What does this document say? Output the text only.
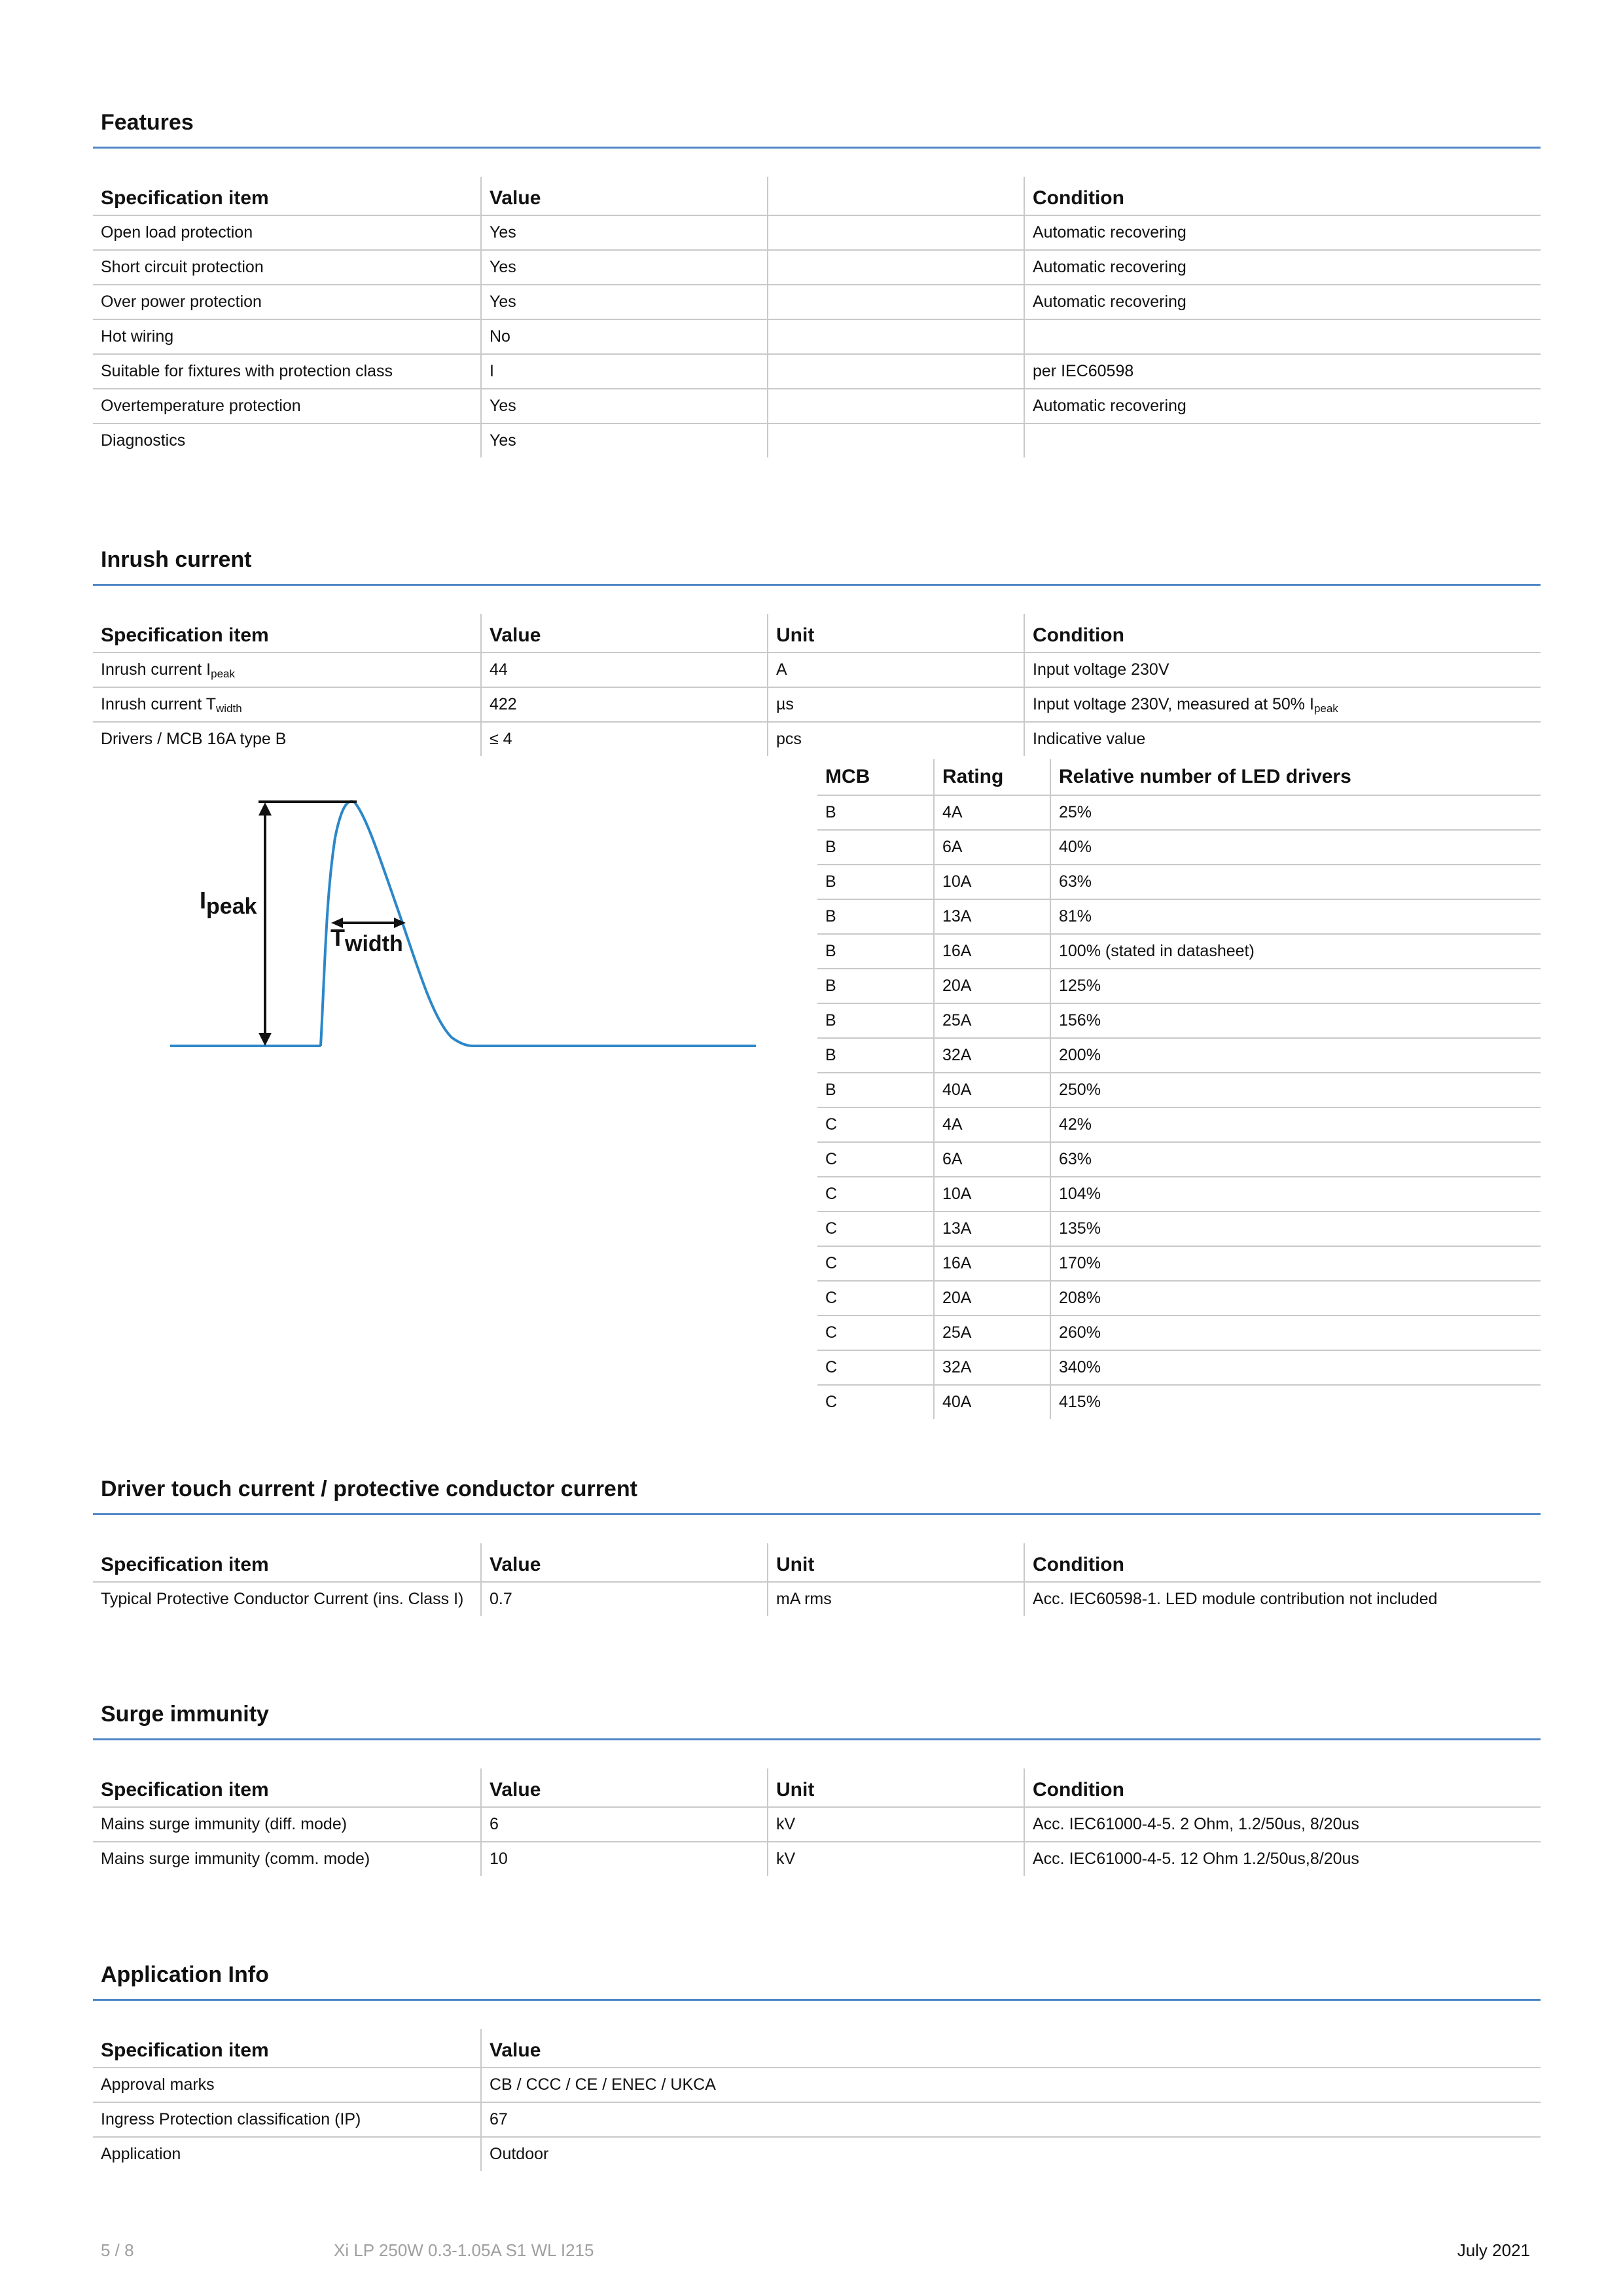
Features
Specification item	Value		Condition
Open load protection	Yes		Automatic recovering
Short circuit protection	Yes		Automatic recovering
Over power protection	Yes		Automatic recovering
Hot wiring	No		
Suitable for fixtures with protection class	I		per IEC60598
Overtemperature protection	Yes		Automatic recovering
Diagnostics	Yes		
Inrush current
Specification item	Value	Unit	Condition
Inrush current $I_{peak}$	44	A	Input voltage 230V
Inrush current $T_{width}$	422	µs	Input voltage 230V, measured at 50% $I_{peak}$
Drivers / MCB 16A type B	≤ 4	pcs	Indicative value
Ipeak
Twidth
MCB	Rating	Relative number of LED drivers
B	4A	25%
B	6A	40%
B	10A	63%
B	13A	81%
B	16A	100% (stated in datasheet)
B	20A	125%
B	25A	156%
B	32A	200%
B	40A	250%
C	4A	42%
C	6A	63%
C	10A	104%
C	13A	135%
C	16A	170%
C	20A	208%
C	25A	260%
C	32A	340%
C	40A	415%
Driver touch current / protective conductor current
Specification item	Value	Unit	Condition
Typical Protective Conductor Current (ins. Class I)	0.7	mA rms	Acc. IEC60598-1. LED module contribution not included
Surge immunity
Specification item	Value	Unit	Condition
Mains surge immunity (diff. mode)	6	kV	Acc. IEC61000-4-5. 2 Ohm, 1.2/50us, 8/20us
Mains surge immunity (comm. mode)	10	kV	Acc. IEC61000-4-5. 12 Ohm 1.2/50us,8/20us
Application Info
Specification item	Value
Approval marks	CB / CCC / CE / ENEC / UKCA
Ingress Protection classification (IP)	67
Application	Outdoor
5 / 8	Xi LP 250W 0.3-1.05A S1 WL I215	July 2021
